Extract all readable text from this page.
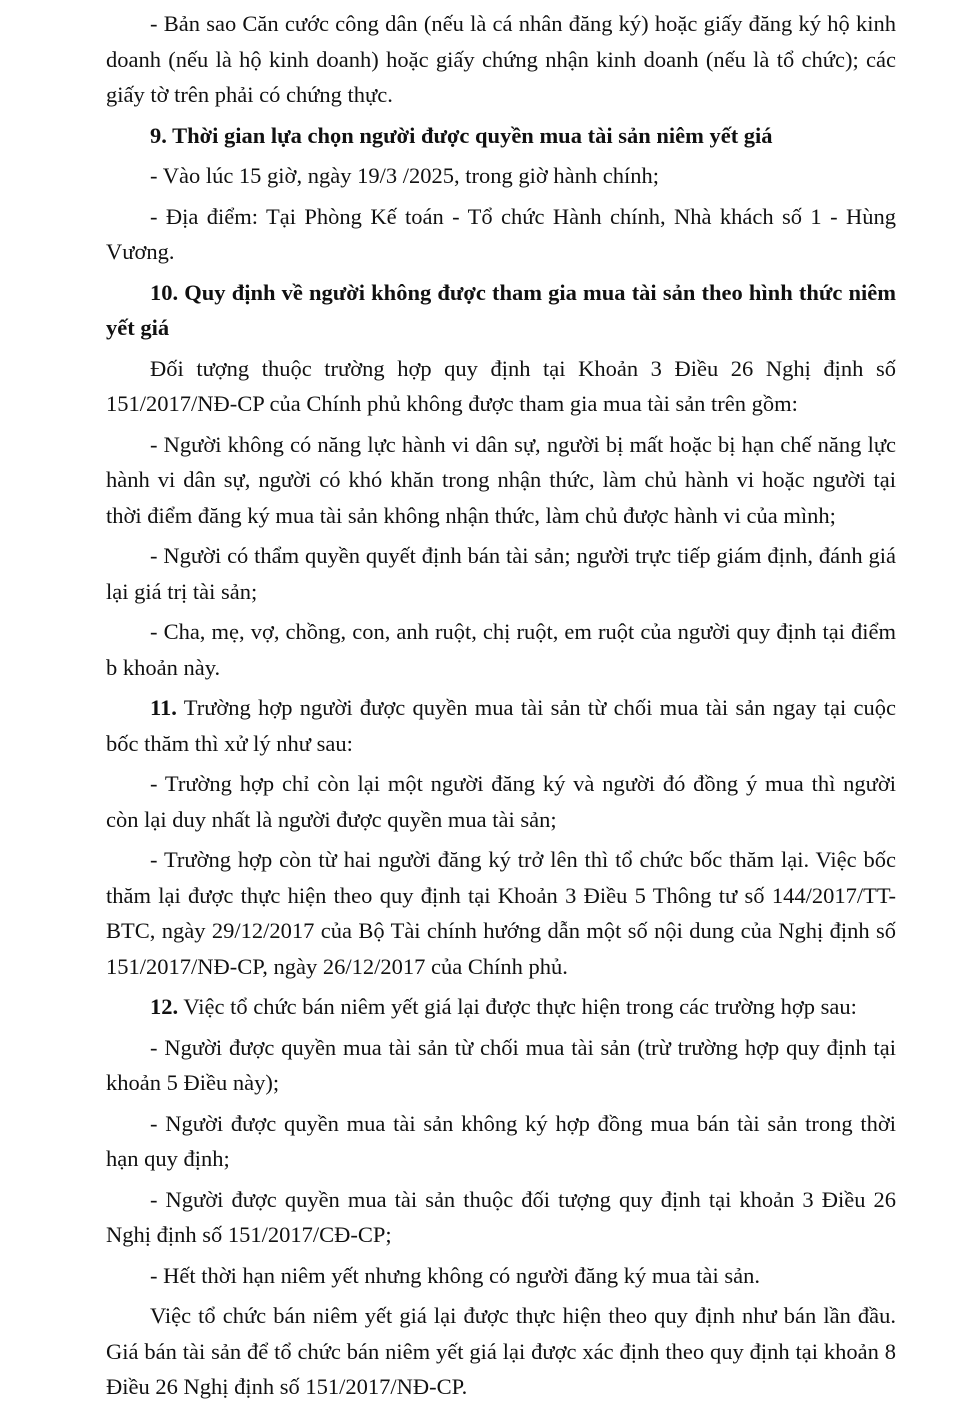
- Bản sao Căn cước công dân (nếu là cá nhân đăng ký) hoặc giấy đăng ký hộ kinh doanh (nếu là hộ kinh doanh) hoặc giấy chứng nhận kinh doanh (nếu là tổ chức); các giấy tờ trên phải có chứng thực.

9. Thời gian lựa chọn người được quyền mua tài sản niêm yết giá

- Vào lúc 15 giờ, ngày 19/3 /2025, trong giờ hành chính;

- Địa điểm: Tại Phòng Kế toán - Tổ chức Hành chính, Nhà khách số 1 - Hùng Vương.

10. Quy định về người không được tham gia mua tài sản theo hình thức niêm yết giá

Đối tượng thuộc trường hợp quy định tại Khoản 3 Điều 26 Nghị định số 151/2017/NĐ-CP của Chính phủ không được tham gia mua tài sản trên gồm:

- Người không có năng lực hành vi dân sự, người bị mất hoặc bị hạn chế năng lực hành vi dân sự, người có khó khăn trong nhận thức, làm chủ hành vi hoặc người tại thời điểm đăng ký mua tài sản không nhận thức, làm chủ được hành vi của mình;

- Người có thẩm quyền quyết định bán tài sản; người trực tiếp giám định, đánh giá lại giá trị tài sản;

- Cha, mẹ, vợ, chồng, con, anh ruột, chị ruột, em ruột của người quy định tại điểm b khoản này.

11. Trường hợp người được quyền mua tài sản từ chối mua tài sản ngay tại cuộc bốc thăm thì xử lý như sau:

- Trường hợp chỉ còn lại một người đăng ký và người đó đồng ý mua thì người còn lại duy nhất là người được quyền mua tài sản;

- Trường hợp còn từ hai người đăng ký trở lên thì tổ chức bốc thăm lại. Việc bốc thăm lại được thực hiện theo quy định tại Khoản 3 Điều 5 Thông tư số 144/2017/TT-BTC, ngày 29/12/2017 của Bộ Tài chính hướng dẫn một số nội dung của Nghị định số 151/2017/NĐ-CP, ngày 26/12/2017 của Chính phủ.

12. Việc tổ chức bán niêm yết giá lại được thực hiện trong các trường hợp sau:

- Người được quyền mua tài sản từ chối mua tài sản (trừ trường hợp quy định tại khoản 5 Điều này);

- Người được quyền mua tài sản không ký hợp đồng mua bán tài sản trong thời hạn quy định;

- Người được quyền mua tài sản thuộc đối tượng quy định tại khoản 3 Điều 26 Nghị định số 151/2017/CĐ-CP;

- Hết thời hạn niêm yết nhưng không có người đăng ký mua tài sản.

Việc tổ chức bán niêm yết giá lại được thực hiện theo quy định như bán lần đầu. Giá bán tài sản để tổ chức bán niêm yết giá lại được xác định theo quy định tại khoản 8 Điều 26 Nghị định số 151/2017/NĐ-CP.
